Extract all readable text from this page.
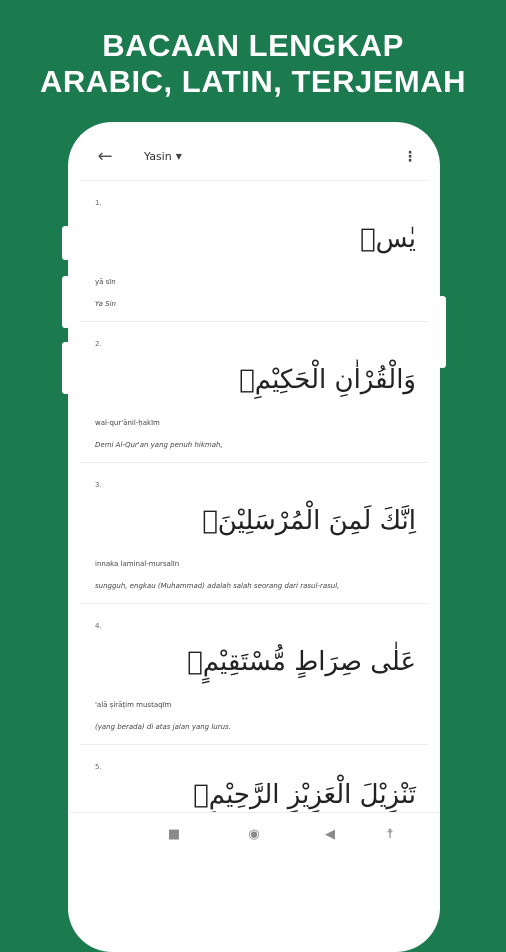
BACAAN LENGKAP
ARABIC, LATIN, TERJEMAH
←	Yasin ▼	⋮
1.
يٰسۤ
yā sīn
Ya Sin
2.
وَالْقُرْاٰنِ الْحَكِيْمِۙ
wal-qur'ānil-ḥakīm
Demi Al-Qur'an yang penuh hikmah,
3.
اِنَّكَ لَمِنَ الْمُرْسَلِيْنَۙ
innaka laminal-mursalīn
sungguh, engkau (Muhammad) adalah salah seorang dari rasul-rasul,
4.
عَلٰى صِرَاطٍ مُّسْتَقِيْمٍۗ
'alā ṣirāṭim mustaqīm
(yang berada) di atas jalan yang lurus.
5.
تَنْزِيْلَ الْعَزِيْزِ الرَّحِيْمِۙ
■	◉	◀	☨
